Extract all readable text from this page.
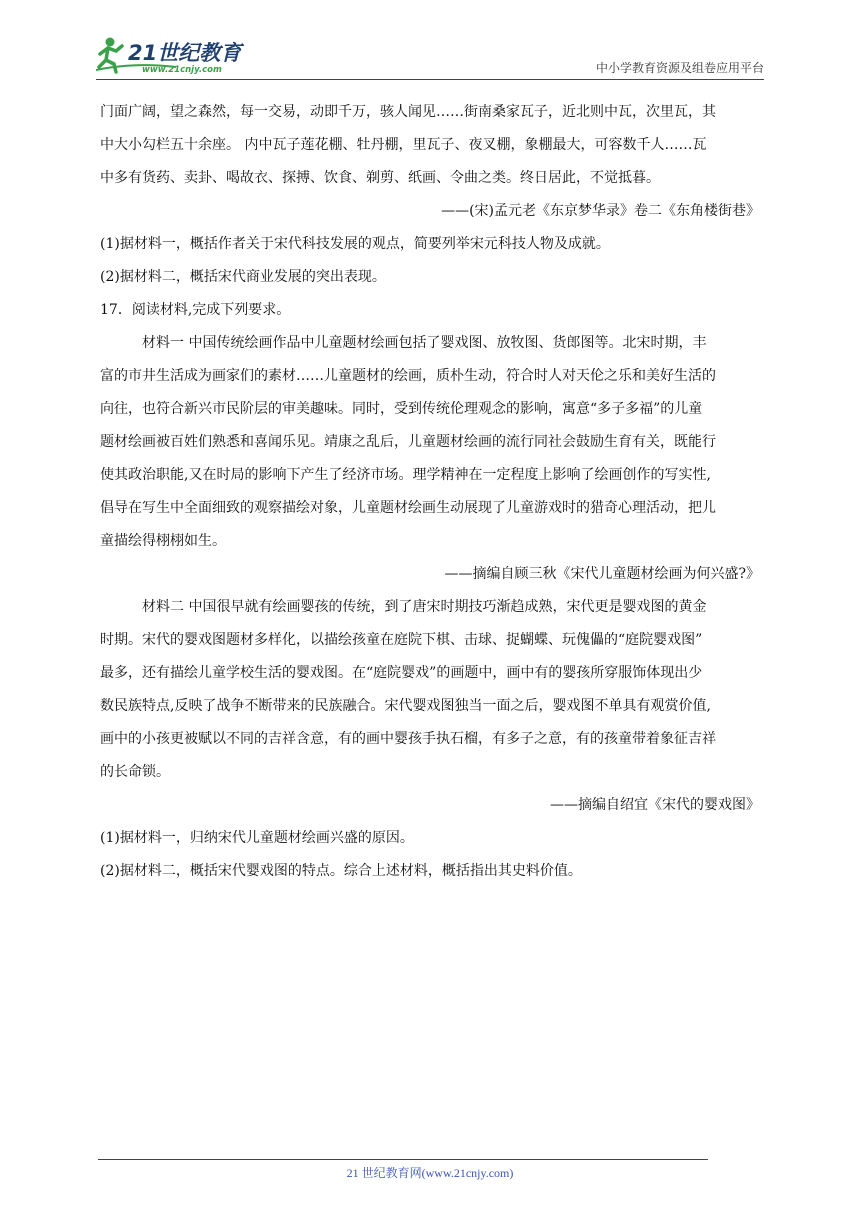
21世纪教育
www.21cnjy.com	中小学教育资源及组卷应用平台
门面广阔，望之森然，每一交易，动即千万，骇人闻见……街南桑家瓦子，近北则中瓦，次里瓦，其
中大小勾栏五十余座。 内中瓦子莲花棚、牡丹棚，里瓦子、夜叉棚，象棚最大，可容数千人……瓦
中多有货药、卖卦、喝故衣、探搏、饮食、剃剪、纸画、令曲之类。终日居此，不觉抵暮。
——(宋)孟元老《东京梦华录》卷二《东角楼街巷》
(1)据材料一，概括作者关于宋代科技发展的观点，简要列举宋元科技人物及成就。
(2)据材料二，概括宋代商业发展的突出表现。
17．阅读材料,完成下列要求。
材料一 中国传统绘画作品中儿童题材绘画包括了婴戏图、放牧图、货郎图等。北宋时期，丰
富的市井生活成为画家们的素材……儿童题材的绘画，质朴生动，符合时人对天伦之乐和美好生活的
向往，也符合新兴市民阶层的审美趣味。同时，受到传统伦理观念的影响，寓意“多子多福”的儿童
题材绘画被百姓们熟悉和喜闻乐见。靖康之乱后，儿童题材绘画的流行同社会鼓励生育有关，既能行
使其政治职能,又在时局的影响下产生了经济市场。理学精神在一定程度上影响了绘画创作的写实性,
倡导在写生中全面细致的观察描绘对象，儿童题材绘画生动展现了儿童游戏时的猎奇心理活动，把儿
童描绘得栩栩如生。
——摘编自顾三秋《宋代儿童题材绘画为何兴盛?》
材料二 中国很早就有绘画婴孩的传统，到了唐宋时期技巧渐趋成熟，宋代更是婴戏图的黄金
时期。宋代的婴戏图题材多样化，以描绘孩童在庭院下棋、击球、捉蝴蝶、玩傀儡的“庭院婴戏图”
最多，还有描绘儿童学校生活的婴戏图。在“庭院婴戏”的画题中，画中有的婴孩所穿服饰体现出少
数民族特点,反映了战争不断带来的民族融合。宋代婴戏图独当一面之后，婴戏图不单具有观赏价值,
画中的小孩更被赋以不同的吉祥含意，有的画中婴孩手执石榴，有多子之意，有的孩童带着象征吉祥
的长命锁。
——摘编自绍宜《宋代的婴戏图》
(1)据材料一，归纳宋代儿童题材绘画兴盛的原因。
(2)据材料二，概括宋代婴戏图的特点。综合上述材料，概括指出其史料价值。
21 世纪教育网(www.21cnjy.com)
